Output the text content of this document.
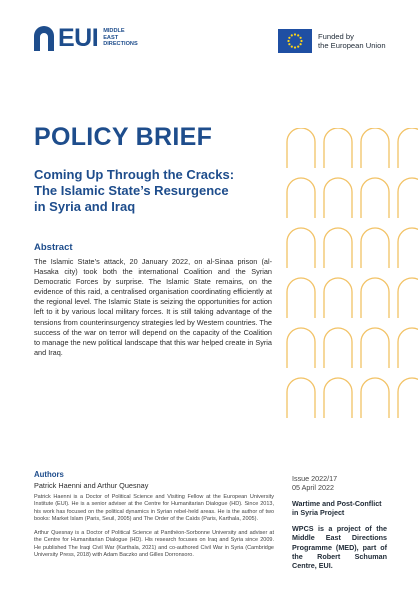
EUI MIDDLE
EAST
DIRECTIONS
Funded by
the European Union
POLICY BRIEF
Coming Up Through the Cracks:
The Islamic State’s Resurgence
in Syria and Iraq
Abstract
The Islamic State’s attack, 20 January 2022, on al-Sinaa prison (al-Hasaka city) took both the international Coalition and the Syrian Democratic Forces by surprise. The Islamic State remains, on the evidence of this raid, a centralised organisation coordinating efficiently at the regional level. The Islamic State is seizing the opportunities for action left to it by various local military forces. It is still taking advantage of the tensions from counterinsurgency strategies led by Western countries. The success of the war on terror will depend on the capacity of the Coalition to manage the new political landscape that this war helped create in Syria and Iraq.
Authors
Patrick Haenni and Arthur Quesnay
Patrick Haenni is a Doctor of Political Science and Visiting Fellow at the European University Institute (EUI). He is a senior adviser at the Centre for Humanitarian Dialogue (HD). Since 2013, his work has focused on the political dynamics in Syrian rebel-held areas. He is the author of two books: Market Islam (Paris, Seuil, 2005) and The Order of the Caïds (Paris, Karthala, 2005).
Arthur Quesnay is a Doctor of Political Science at Panthéon-Sorbonne University and adviser at the Centre for Humanitarian Dialogue (HD). His research focuses on Iraq and Syria since 2009. He published The Iraqi Civil War (Karthala, 2021) and co-authored Civil War in Syria (Cambridge University Press, 2018) with Adam Baczko and Gilles Dorronsoro.
Issue 2022/17
05 April 2022
Wartime and Post-Conflict in Syria Project
WPCS is a project of the Middle East Directions Programme (MED), part of the Robert Schuman Centre, EUI.
